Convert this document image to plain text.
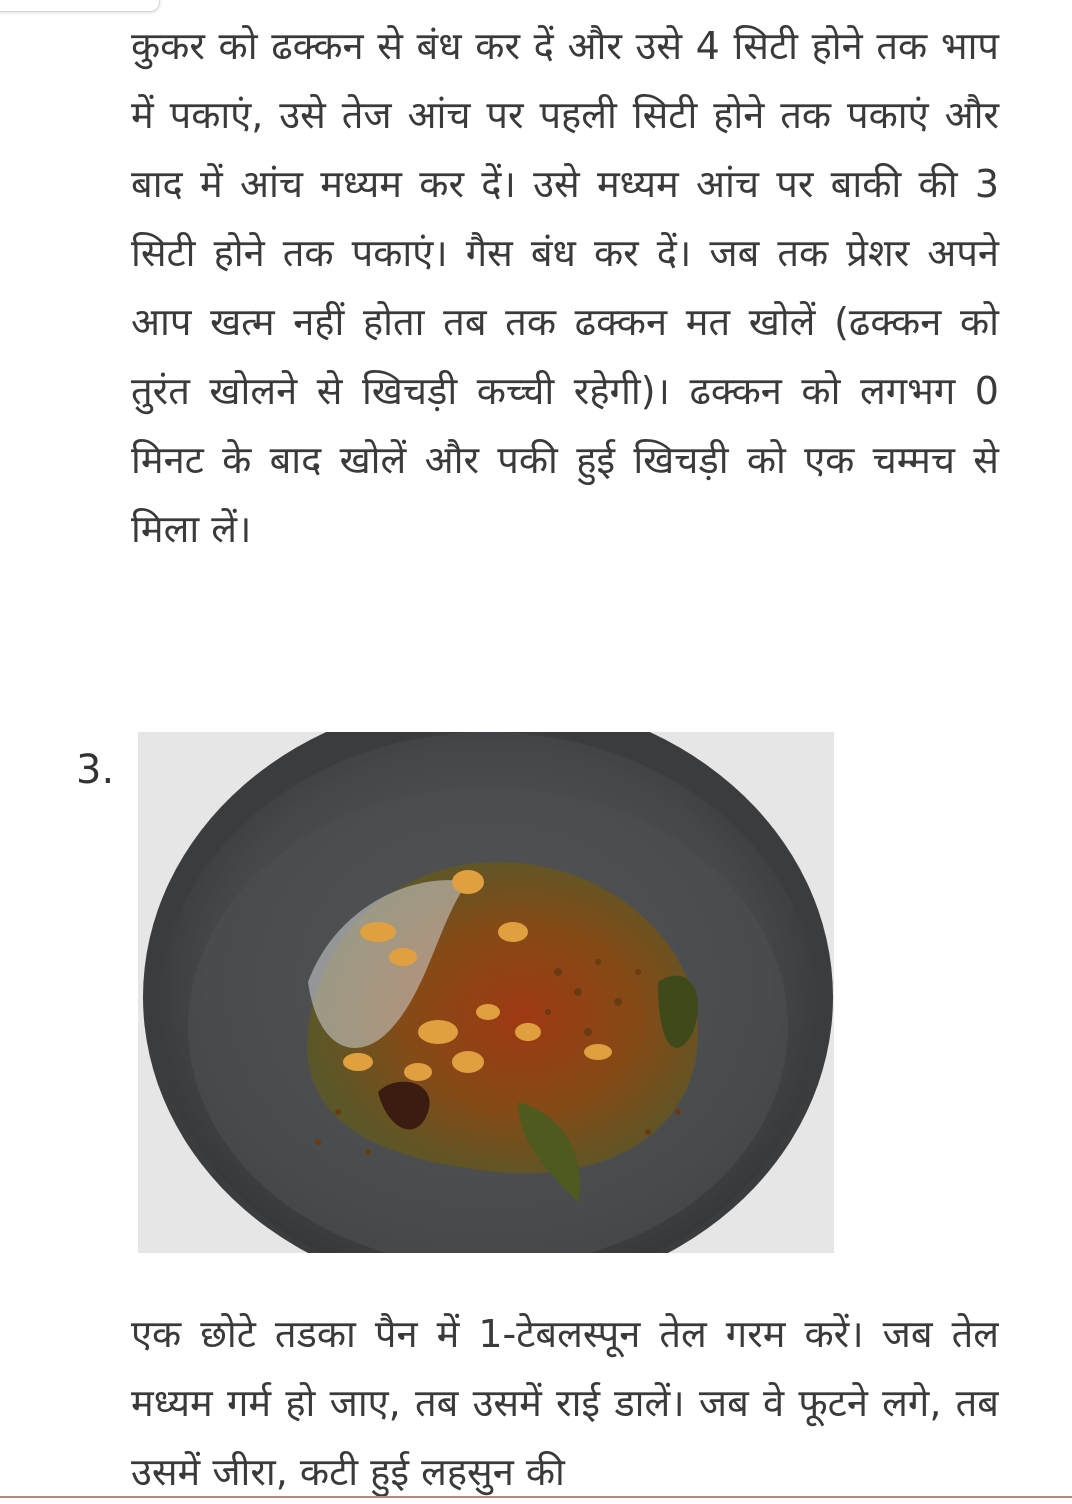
कुकर को ढक्कन से बंध कर दें और उसे 4 सिटी होने तक भाप में पकाएं, उसे तेज आंच पर पहली सिटी होने तक पकाएं और बाद में आंच मध्यम कर दें। उसे मध्यम आंच पर बाकी की 3 सिटी होने तक पकाएं। गैस बंध कर दें। जब तक प्रेशर अपने आप खत्म नहीं होता तब तक ढक्कन मत खोलें (ढक्कन को तुरंत खोलने से खिचड़ी कच्ची रहेगी)। ढक्कन को लगभग 0 मिनट के बाद खोलें और पकी हुई खिचड़ी को एक चम्मच से मिला लें।

3.

एक छोटे तडका पैन में 1-टेबलस्पून तेल गरम करें। जब तेल मध्यम गर्म हो जाए, तब उसमें राई डालें। जब वे फूटने लगे, तब उसमें जीरा, कटी हुई लहसुन की
